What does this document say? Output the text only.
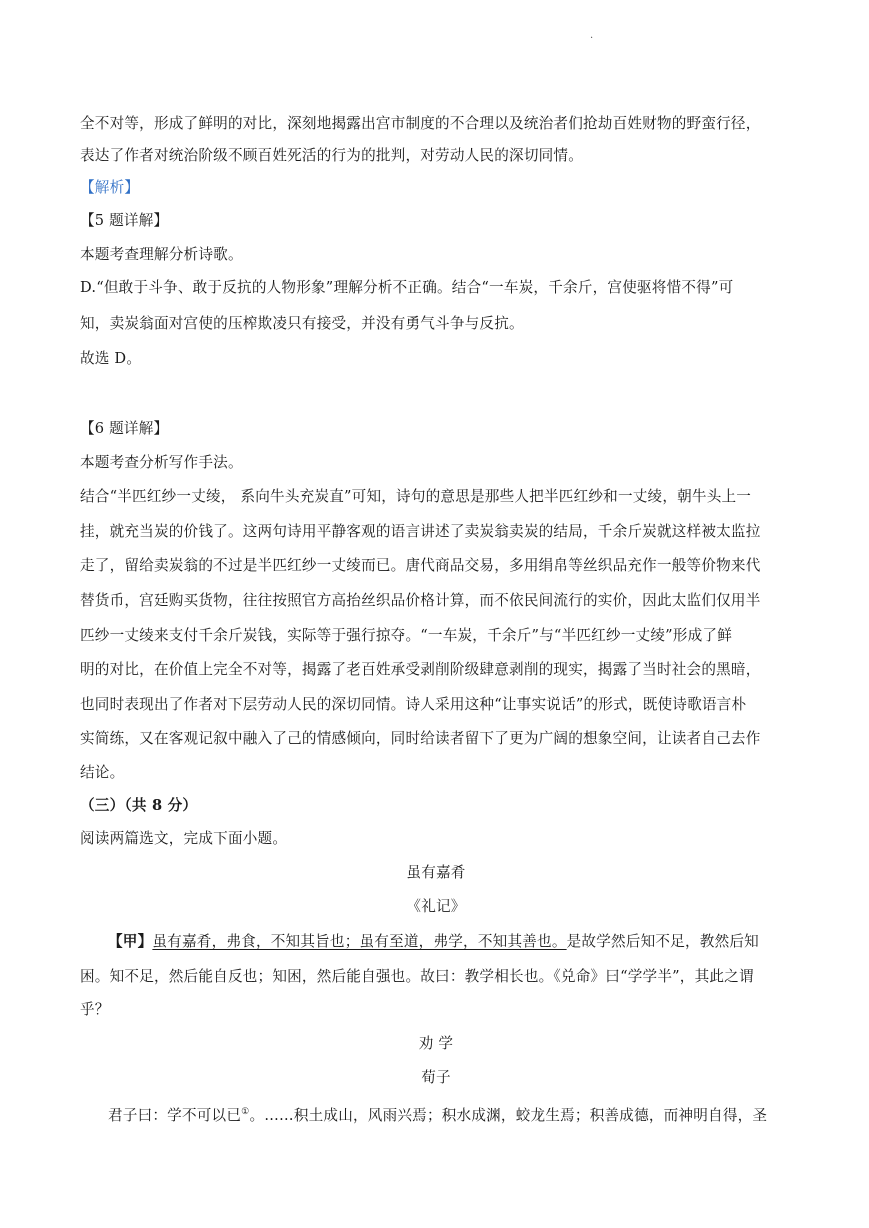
.
全不对等，形成了鲜明的对比，深刻地揭露出宫市制度的不合理以及统治者们抢劫百姓财物的野蛮行径，
表达了作者对统治阶级不顾百姓死活的行为的批判，对劳动人民的深切同情。
【解析】
【5 题详解】
本题考查理解分析诗歌。
D.“但敢于斗争、敢于反抗的人物形象”理解分析不正确。结合“一车炭，千余斤，宫使驱将惜不得”可
知，卖炭翁面对宫使的压榨欺凌只有接受，并没有勇气斗争与反抗。
故选 D。
【6 题详解】
本题考查分析写作手法。
结合“半匹红纱一丈绫， 系向牛头充炭直”可知，诗句的意思是那些人把半匹红纱和一丈绫，朝牛头上一
挂，就充当炭的价钱了。这两句诗用平静客观的语言讲述了卖炭翁卖炭的结局，千余斤炭就这样被太监拉
走了，留给卖炭翁的不过是半匹红纱一丈绫而已。唐代商品交易，多用绢帛等丝织品充作一般等价物来代
替货币，宫廷购买货物，往往按照官方高抬丝织品价格计算，而不依民间流行的实价，因此太监们仅用半
匹纱一丈绫来支付千余斤炭钱，实际等于强行掠夺。“一车炭，千余斤”与“半匹红纱一丈绫”形成了鲜
明的对比，在价值上完全不对等，揭露了老百姓承受剥削阶级肆意剥削的现实，揭露了当时社会的黑暗，
也同时表现出了作者对下层劳动人民的深切同情。诗人采用这种“让事实说话”的形式，既使诗歌语言朴
实简练，又在客观记叙中融入了己的情感倾向，同时给读者留下了更为广阔的想象空间，让读者自己去作
结论。
（三）（共 8 分）
阅读两篇选文，完成下面小题。
虽有嘉肴
《礼记》
【甲】虽有嘉肴，弗食，不知其旨也；虽有至道，弗学，不知其善也。是故学然后知不足，教然后知
困。知不足，然后能自反也；知困，然后能自强也。故曰：教学相长也。《兑命》曰“学学半”，其此之谓
乎？
劝 学
荀子
君子曰：学不可以已①。……积土成山，风雨兴焉；积水成渊，蛟龙生焉；积善成德，而神明自得，圣
